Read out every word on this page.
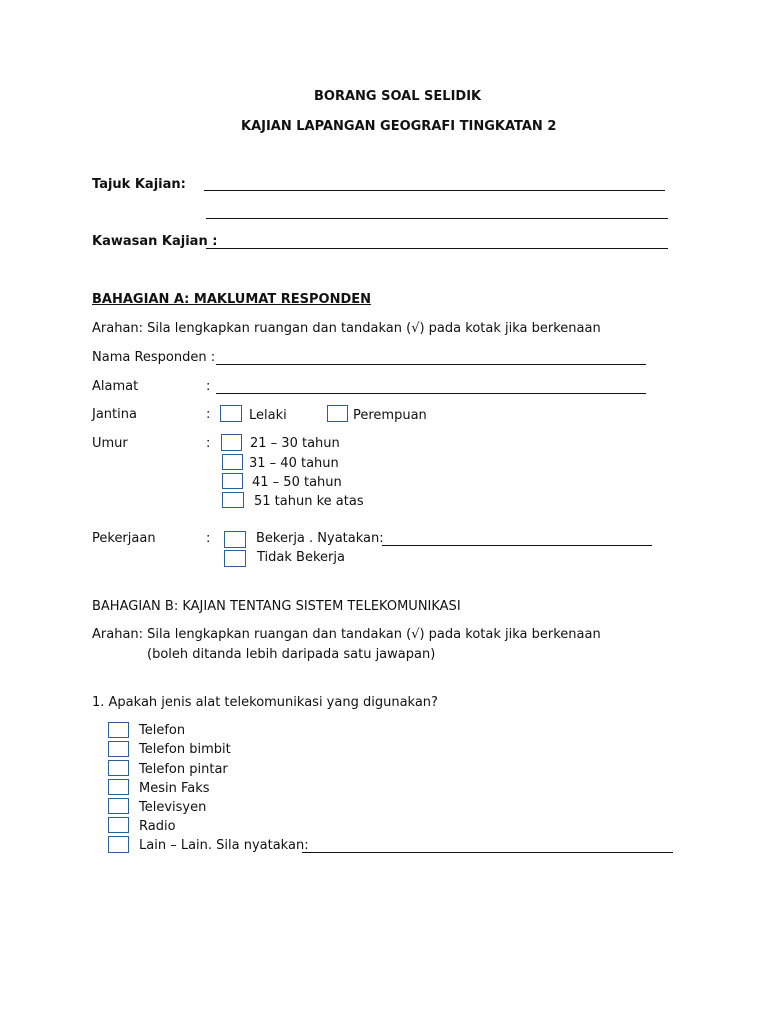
BORANG SOAL SELIDIK
KAJIAN LAPANGAN GEOGRAFI TINGKATAN 2
Tajuk Kajian:
Kawasan Kajian :
BAHAGIAN A: MAKLUMAT RESPONDEN
Arahan: Sila lengkapkan ruangan dan tandakan (√) pada kotak jika berkenaan
Nama Responden :
Alamat	:
Jantina	:	Lelaki	Perempuan
Umur	:	21 – 30 tahun
31 – 40 tahun
41 – 50 tahun
51 tahun ke atas
Pekerjaan	:	Bekerja . Nyatakan:
Tidak Bekerja
BAHAGIAN B: KAJIAN TENTANG SISTEM TELEKOMUNIKASI
Arahan: Sila lengkapkan ruangan dan tandakan (√) pada kotak jika berkenaan
(boleh ditanda lebih daripada satu jawapan)
1. Apakah jenis alat telekomunikasi yang digunakan?
Telefon
Telefon bimbit
Telefon pintar
Mesin Faks
Televisyen
Radio
Lain – Lain. Sila nyatakan:
